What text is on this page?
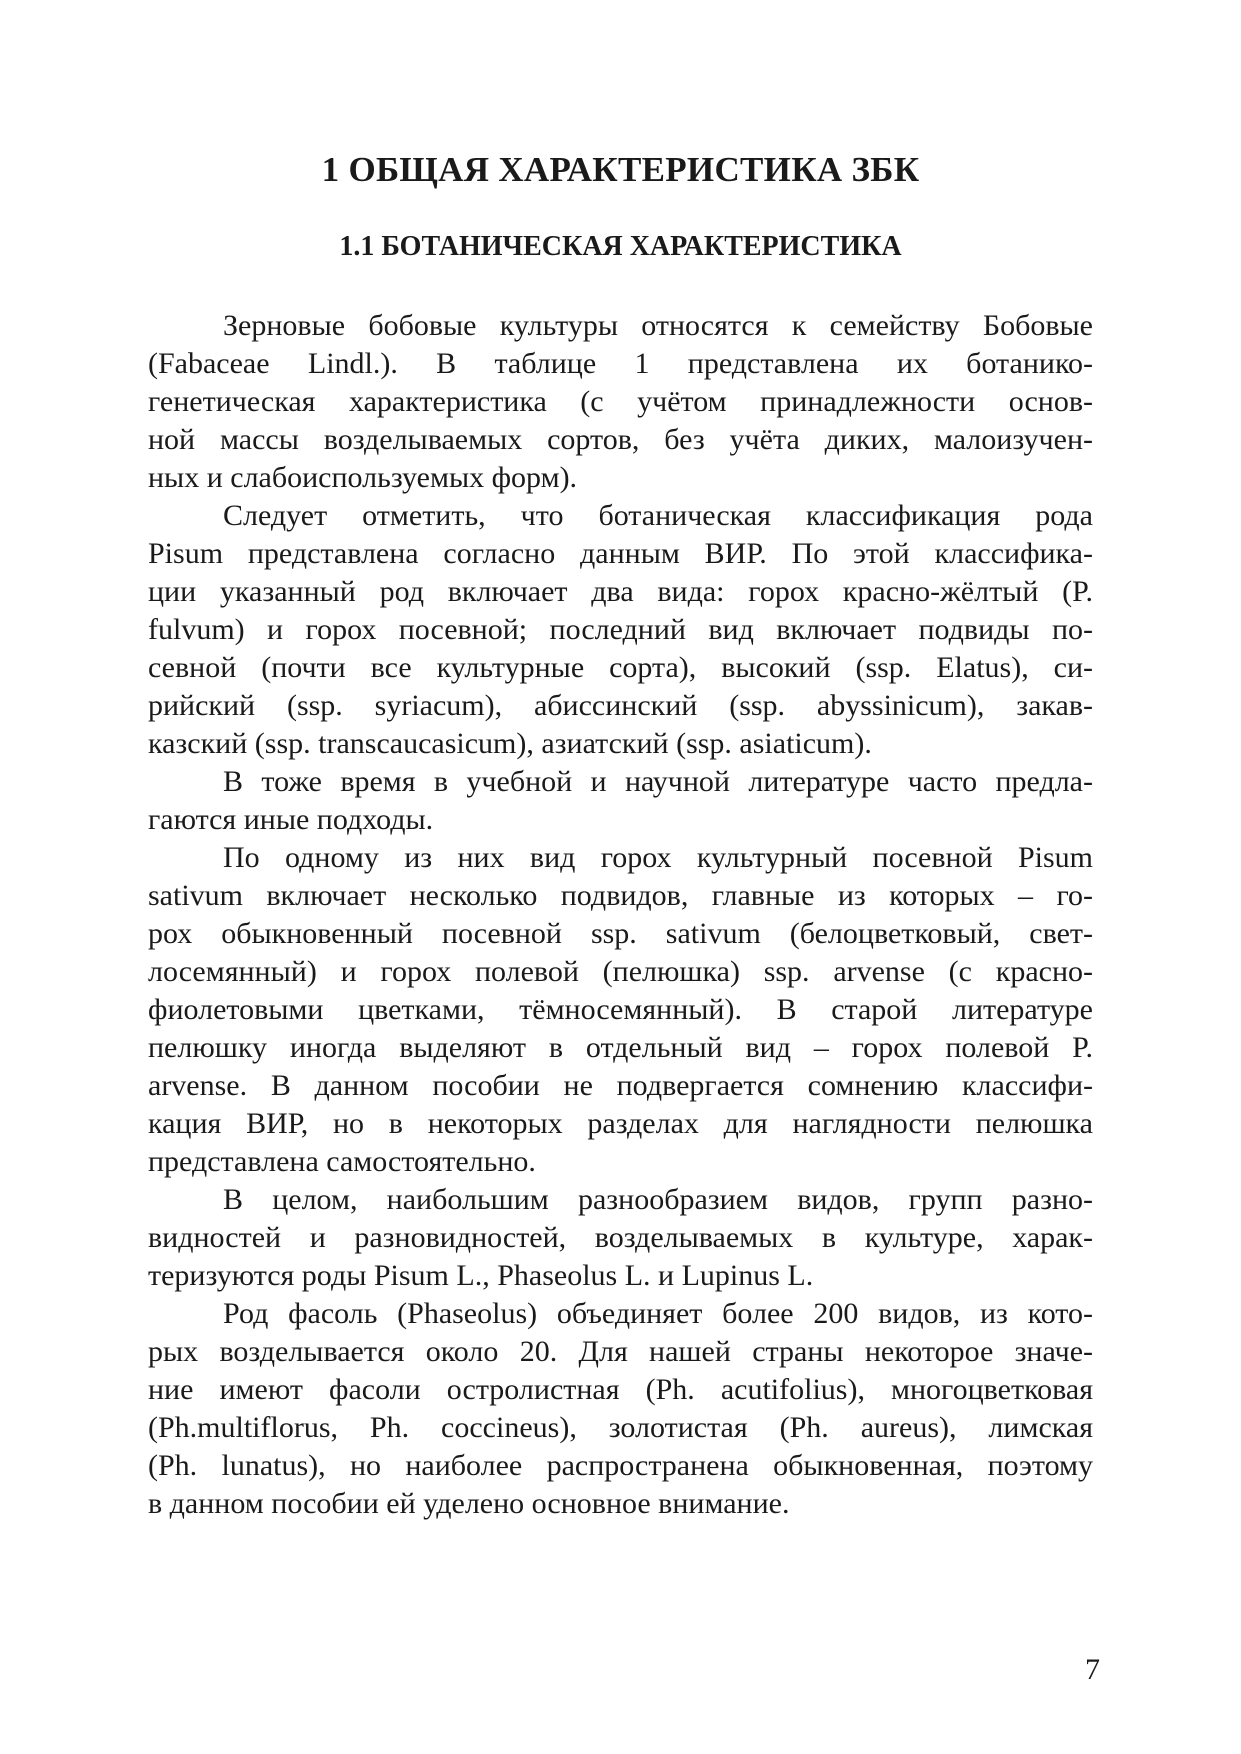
1 ОБЩАЯ ХАРАКТЕРИСТИКА ЗБК
1.1 БОТАНИЧЕСКАЯ ХАРАКТЕРИСТИКА
Зерновые бобовые культуры относятся к семейству Бобовые
(Fabaceae Lindl.). В таблице 1 представлена их ботанико-
генетическая характеристика (с учётом принадлежности основ-
ной массы возделываемых сортов, без учёта диких, малоизучен-
ных и слабоиспользуемых форм).
Следует отметить, что ботаническая классификация рода
Pisum представлена согласно данным ВИР. По этой классифика-
ции указанный род включает два вида: горох красно-жёлтый (P.
fulvum) и горох посевной; последний вид включает подвиды по-
севной (почти все культурные сорта), высокий (ssp. Elatus), си-
рийский (ssp. syriacum), абиссинский (ssp. abyssinicum), закав-
казский (ssp. transcaucasicum), азиатский (ssp. asiaticum).
В тоже время в учебной и научной литературе часто предла-
гаются иные подходы.
По одному из них вид горох культурный посевной Pisum
sativum включает несколько подвидов, главные из которых – го-
рох обыкновенный посевной ssp. sativum (белоцветковый, свет-
лосемянный) и горох полевой (пелюшка) ssp. arvense (с красно-
фиолетовыми цветками, тёмносемянный). В старой литературе
пелюшку иногда выделяют в отдельный вид – горох полевой P.
arvense. В данном пособии не подвергается сомнению классифи-
кация ВИР, но в некоторых разделах для наглядности пелюшка
представлена самостоятельно.
В целом, наибольшим разнообразием видов, групп разно-
видностей и разновидностей, возделываемых в культуре, харак-
теризуются роды Pisum L., Phaseolus L. и Lupinus L.
Род фасоль (Phaseolus) объединяет более 200 видов, из кото-
рых возделывается около 20. Для нашей страны некоторое значе-
ние имеют фасоли остролистная (Ph. acutifolius), многоцветковая
(Ph.multiflorus, Ph. coccineus), золотистая (Ph. aureus), лимская
(Ph. lunatus), но наиболее распространена обыкновенная, поэтому
в данном пособии ей уделено основное внимание.
7
